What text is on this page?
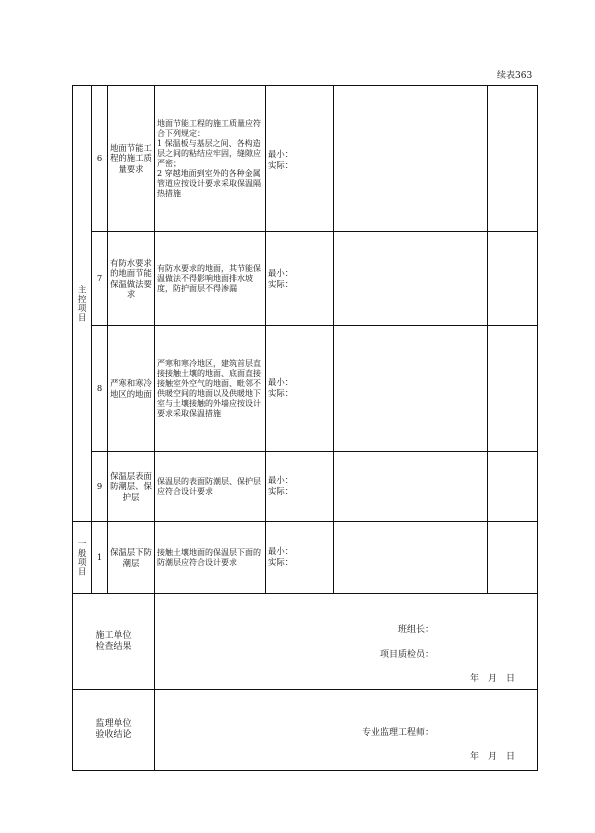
续表363
主控项目
一般项目
6
地面节能工程的施工质量要求
地面节能工程的施工质量应符合下列规定：
1 保温板与基层之间、各构造层之间的粘结应牢固，缝隙应严密；
2 穿越地面到室外的各种金属管道应按设计要求采取保温隔热措施
最小：
实际：
7
有防水要求的地面节能保温做法要求
有防水要求的地面，其节能保温做法不得影响地面排水坡度，防护面层不得渗漏
最小：
实际：
8
严寒和寒冷地区的地面
严寒和寒冷地区，建筑首层直接接触土壤的地面、底面直接接触室外空气的地面、毗邻不供暖空间的地面以及供暖地下室与土壤接触的外墙应按设计要求采取保温措施
最小：
实际：
9
保温层表面防潮层、保护层
保温层的表面防潮层、保护层应符合设计要求
最小：
实际：
1
保温层下防潮层
接触土壤地面的保温层下面的防潮层应符合设计要求
最小：
实际：
施工单位
检查结果
班组长：
项目质检员：
年　月　日
监理单位
验收结论	专业监理工程师：
年　月　日
